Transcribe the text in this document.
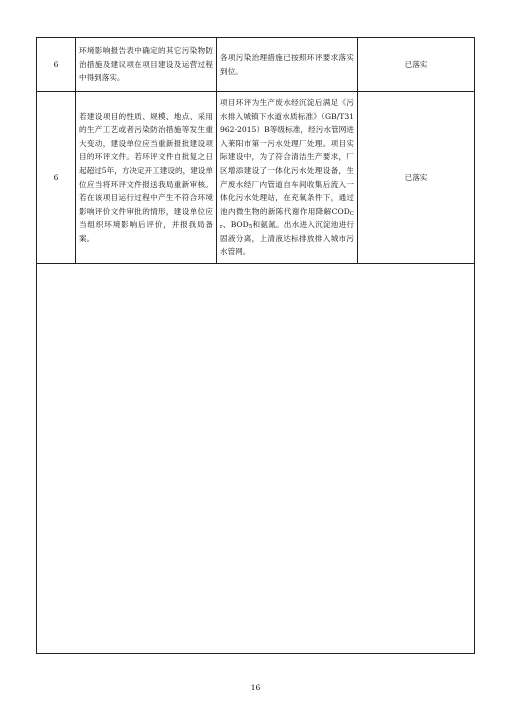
6	环境影响报告表中确定的其它污染物防治措施及建议项在项目建设及运营过程中得到落实。	各项污染治理措施已按照环评要求落实到位。	已落实
6	若建设项目的性质、规模、地点、采用的生产工艺或者污染防治措施等发生重大变动，建设单位应当重新报批建设项目的环评文件。若环评文件自批复之日起超过5年，方决定开工建设的，建设单位应当将环评文件报送我局重新审核。若在该项目运行过程中产生不符合环境影响评价文件审批的情形，建设单位应当组织环境影响后评价，并报我局备案。	项目环评为生产废水经沉淀后满足《污水排入城镇下水道水质标准》（GB/T31962-2015）B等级标准，经污水管网进入莱阳市第一污水处理厂处理。项目实际建设中，为了符合清洁生产要求，厂区增添建设了一体化污水处理设备，生产废水经厂内管道自车间收集后流入一体化污水处理站，在充氧条件下，通过池内微生物的新陈代谢作用降解$COD_{Cr}$、$BOD_5$和氨氮。出水进入沉淀池进行固液分离，上清液达标排放排入城市污水管网。	已落实
16
